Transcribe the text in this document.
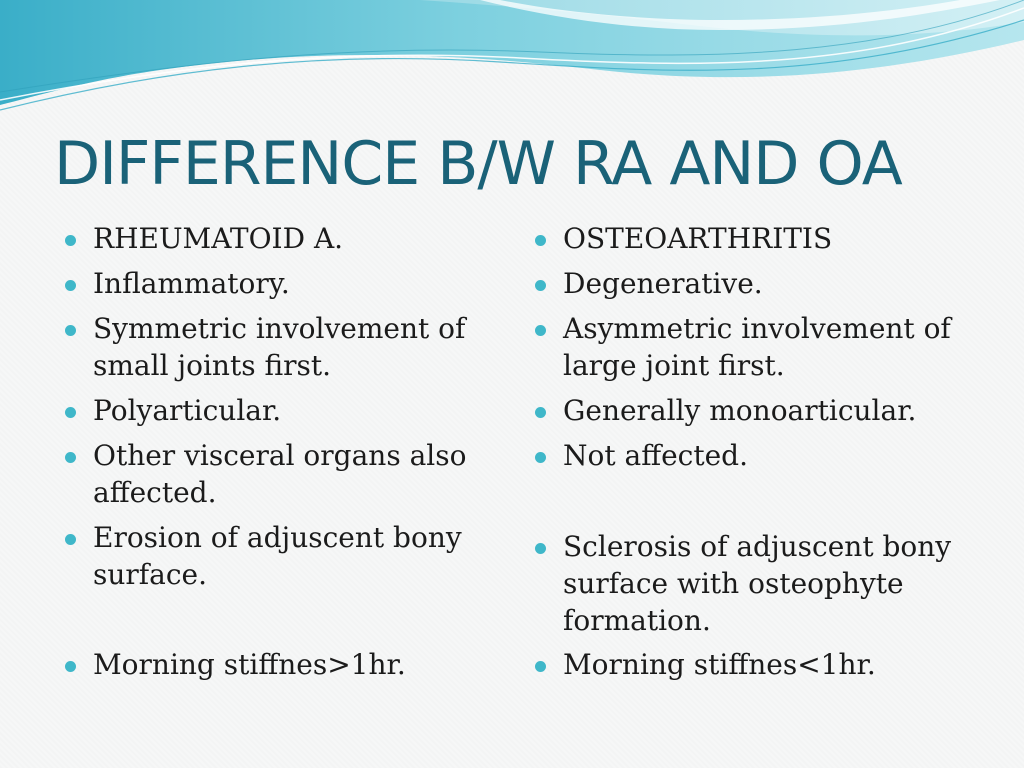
DIFFERENCE B/W RA AND OA
RHEUMATOID A.
Inflammatory.
Symmetric involvement of small joints first.
Polyarticular.
Other visceral organs also affected.
Erosion of adjuscent bony surface.
Morning stiffnes>1hr.
OSTEOARTHRITIS
Degenerative.
Asymmetric involvement of large joint first.
Generally monoarticular.
Not affected.
Sclerosis of adjuscent bony surface with osteophyte formation.
Morning stiffnes<1hr.
